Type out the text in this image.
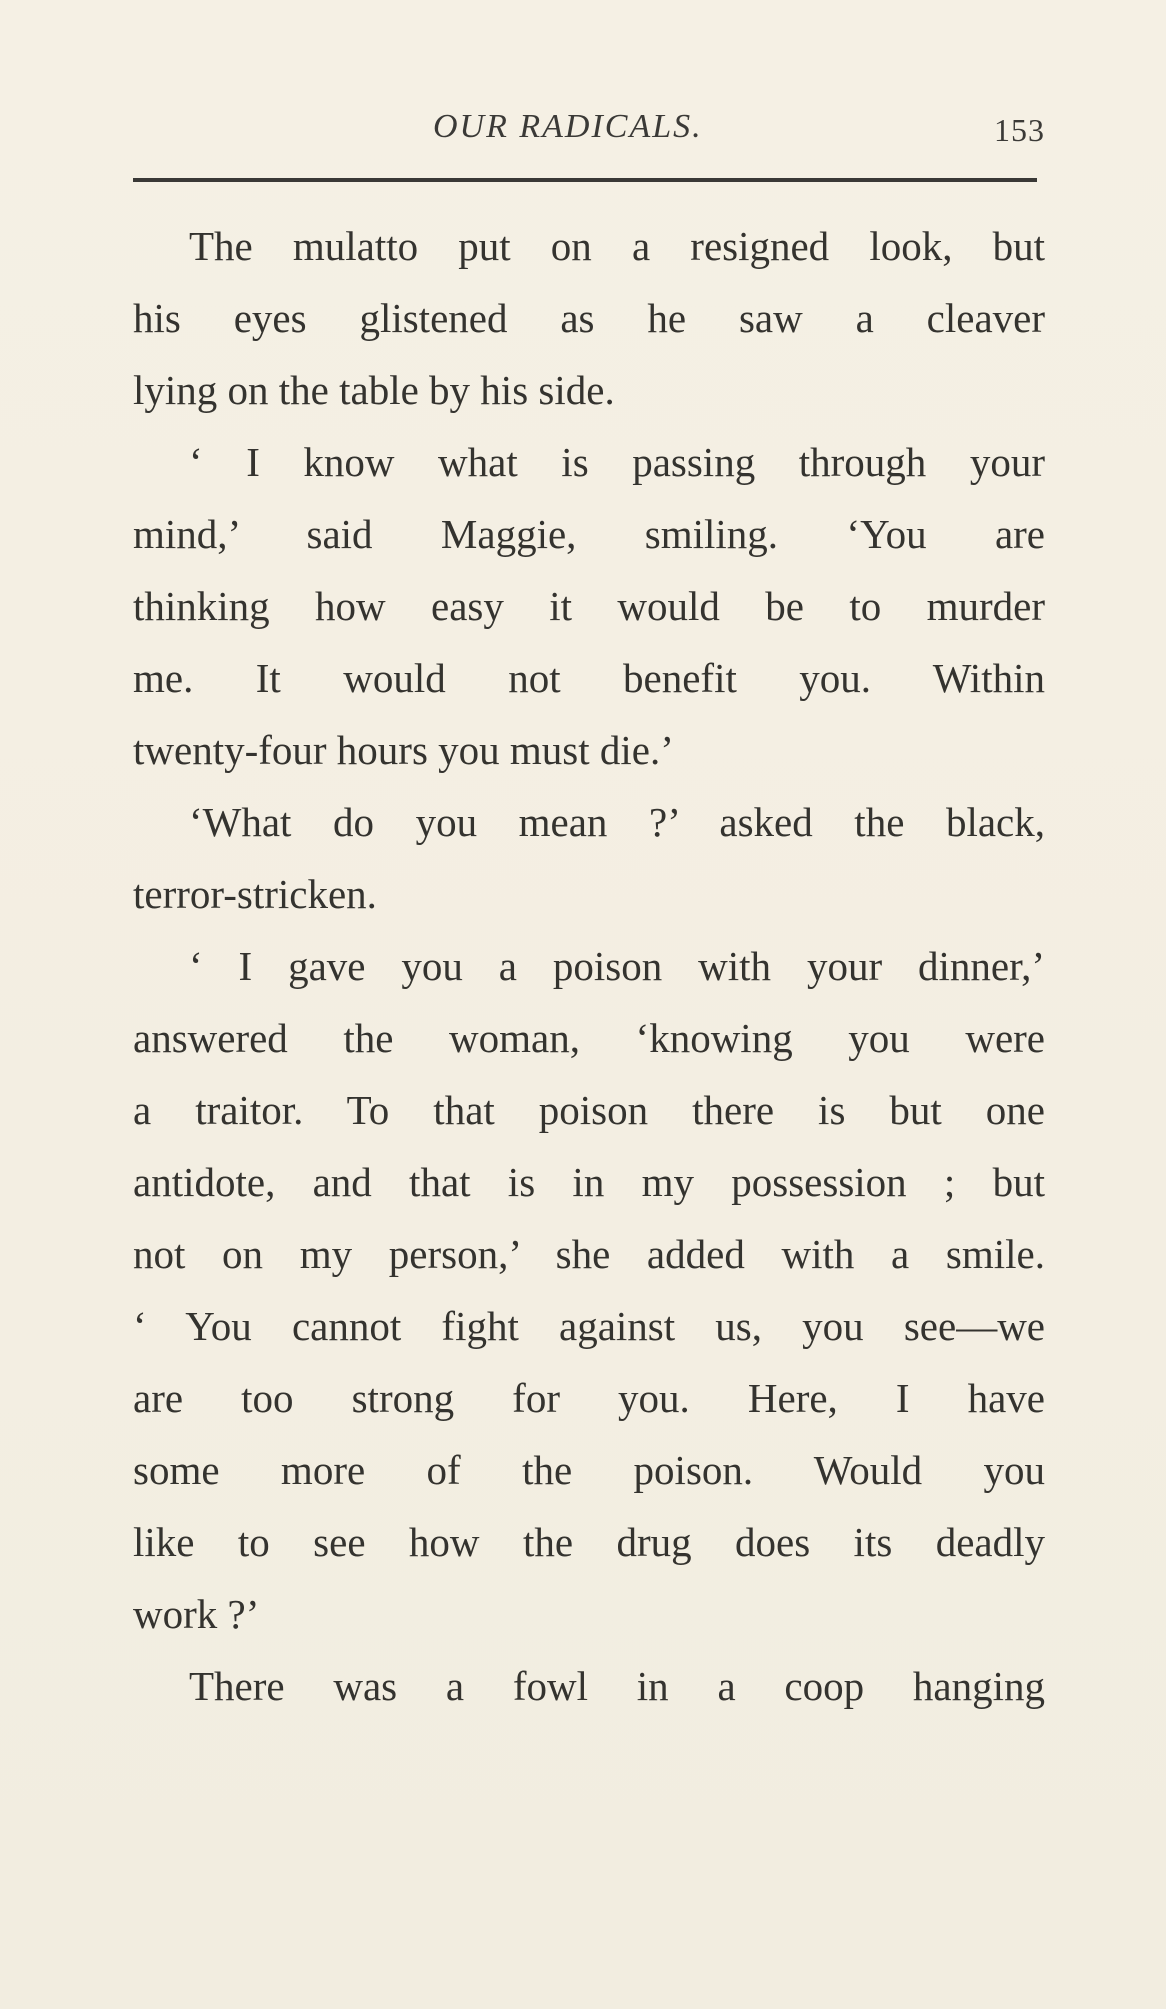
OUR RADICALS.	153
The mulatto put on a resigned look, but
his eyes glistened as he saw a cleaver
lying on the table by his side.
‘ I know what is passing through your
mind,’ said Maggie, smiling. ‘You are
thinking how easy it would be to murder
me. It would not benefit you. Within
twenty-four hours you must die.’
‘What do you mean ?’ asked the black,
terror-stricken.
‘ I gave you a poison with your dinner,’
answered the woman, ‘knowing you were
a traitor. To that poison there is but one
antidote, and that is in my possession ; but
not on my person,’ she added with a smile.
‘ You cannot fight against us, you see—we
are too strong for you. Here, I have
some more of the poison. Would you
like to see how the drug does its deadly
work ?’
There was a fowl in a coop hanging
